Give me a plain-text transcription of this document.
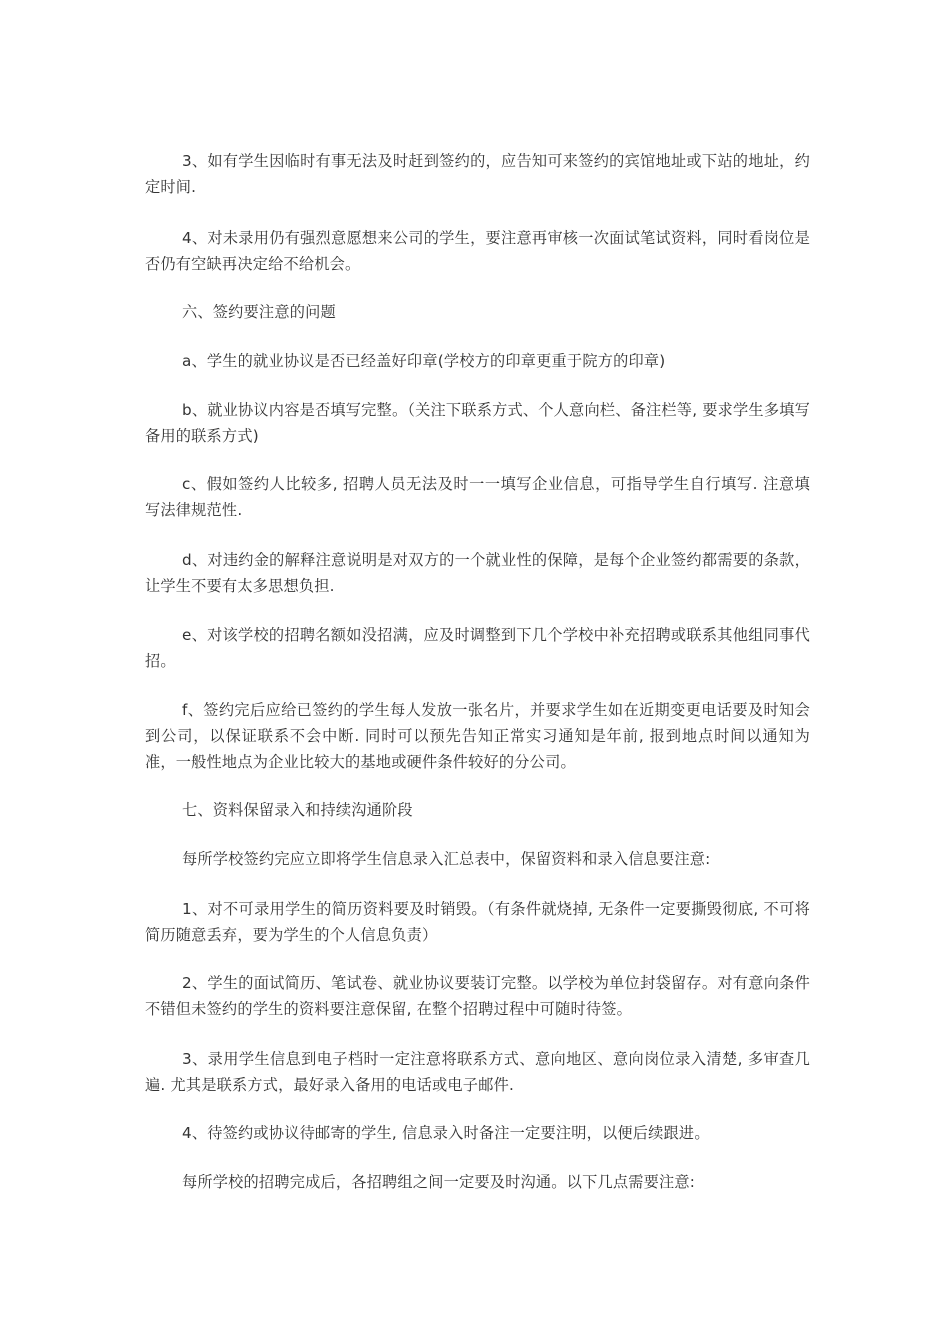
3、如有学生因临时有事无法及时赶到签约的，应告知可来签约的宾馆地址或下站的地址，约定时间.

4、对未录用仍有强烈意愿想来公司的学生，要注意再审核一次面试笔试资料，同时看岗位是否仍有空缺再决定给不给机会。

六、签约要注意的问题

a、学生的就业协议是否已经盖好印章(学校方的印章更重于院方的印章)

b、就业协议内容是否填写完整。（关注下联系方式、个人意向栏、备注栏等, 要求学生多填写备用的联系方式)

c、假如签约人比较多, 招聘人员无法及时一一填写企业信息，可指导学生自行填写. 注意填写法律规范性.

d、对违约金的解释注意说明是对双方的一个就业性的保障，是每个企业签约都需要的条款，让学生不要有太多思想负担.

e、对该学校的招聘名额如没招满，应及时调整到下几个学校中补充招聘或联系其他组同事代招。

f、签约完后应给已签约的学生每人发放一张名片，并要求学生如在近期变更电话要及时知会到公司，以保证联系不会中断. 同时可以预先告知正常实习通知是年前, 报到地点时间以通知为准，一般性地点为企业比较大的基地或硬件条件较好的分公司。

七、资料保留录入和持续沟通阶段

每所学校签约完应立即将学生信息录入汇总表中，保留资料和录入信息要注意:

1、对不可录用学生的简历资料要及时销毁。（有条件就烧掉, 无条件一定要撕毁彻底, 不可将简历随意丢弃，要为学生的个人信息负责）

2、学生的面试简历、笔试卷、就业协议要装订完整。以学校为单位封袋留存。对有意向条件不错但未签约的学生的资料要注意保留, 在整个招聘过程中可随时待签。

3、录用学生信息到电子档时一定注意将联系方式、意向地区、意向岗位录入清楚, 多审查几遍. 尤其是联系方式，最好录入备用的电话或电子邮件.

4、待签约或协议待邮寄的学生, 信息录入时备注一定要注明，以便后续跟进。

每所学校的招聘完成后，各招聘组之间一定要及时沟通。以下几点需要注意:
